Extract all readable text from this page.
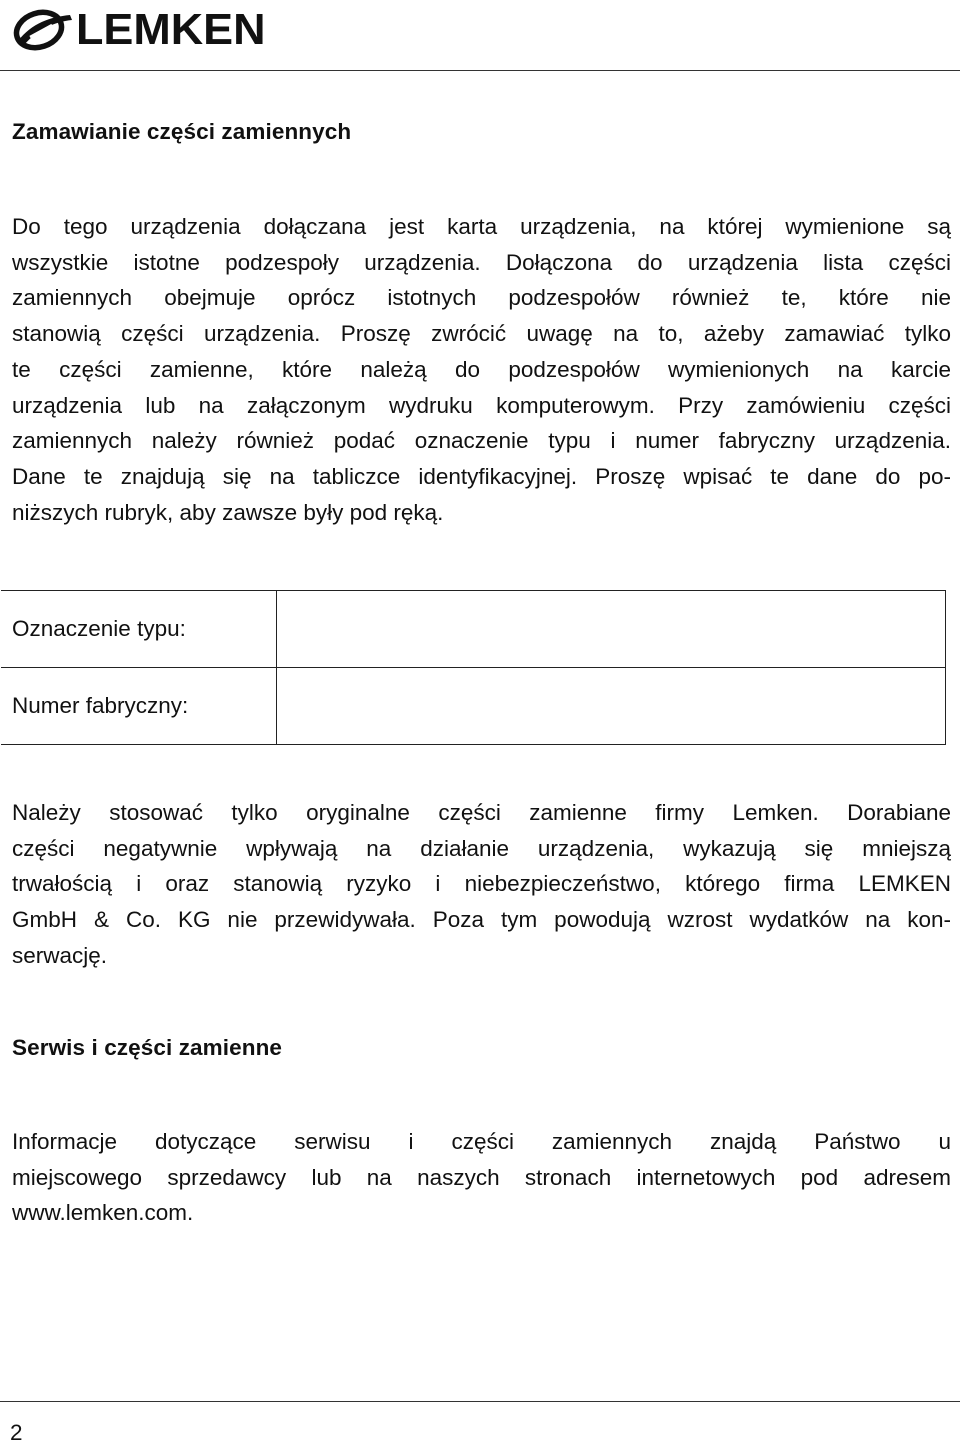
LEMKEN
Zamawianie części zamiennych

Do tego urządzenia dołączana jest karta urządzenia, na której wymienione są
wszystkie istotne podzespoły urządzenia. Dołączona do urządzenia lista części
zamiennych obejmuje oprócz istotnych podzespołów również te, które nie
stanowią części urządzenia. Proszę zwrócić uwagę na to, ażeby zamawiać tylko
te części zamienne, które należą do podzespołów wymienionych na karcie
urządzenia lub na załączonym wydruku komputerowym. Przy zamówieniu części
zamiennych należy również podać oznaczenie typu i numer fabryczny urządzenia.
Dane te znajdują się na tabliczce identyfikacyjnej. Proszę wpisać te dane do po-
niższych rubryk, aby zawsze były pod ręką.

Oznaczenie typu:	
Numer fabryczny:	

Należy stosować tylko oryginalne części zamienne firmy Lemken. Dorabiane
części negatywnie wpływają na działanie urządzenia, wykazują się mniejszą
trwałością i oraz stanowią ryzyko i niebezpieczeństwo, którego firma LEMKEN
GmbH & Co. KG nie przewidywała. Poza tym powodują wzrost wydatków na kon-
serwację.

Serwis i części zamienne

Informacje dotyczące serwisu i części zamiennych znajdą Państwo u
miejscowego sprzedawcy lub na naszych stronach internetowych pod adresem
www.lemken.com.

2
